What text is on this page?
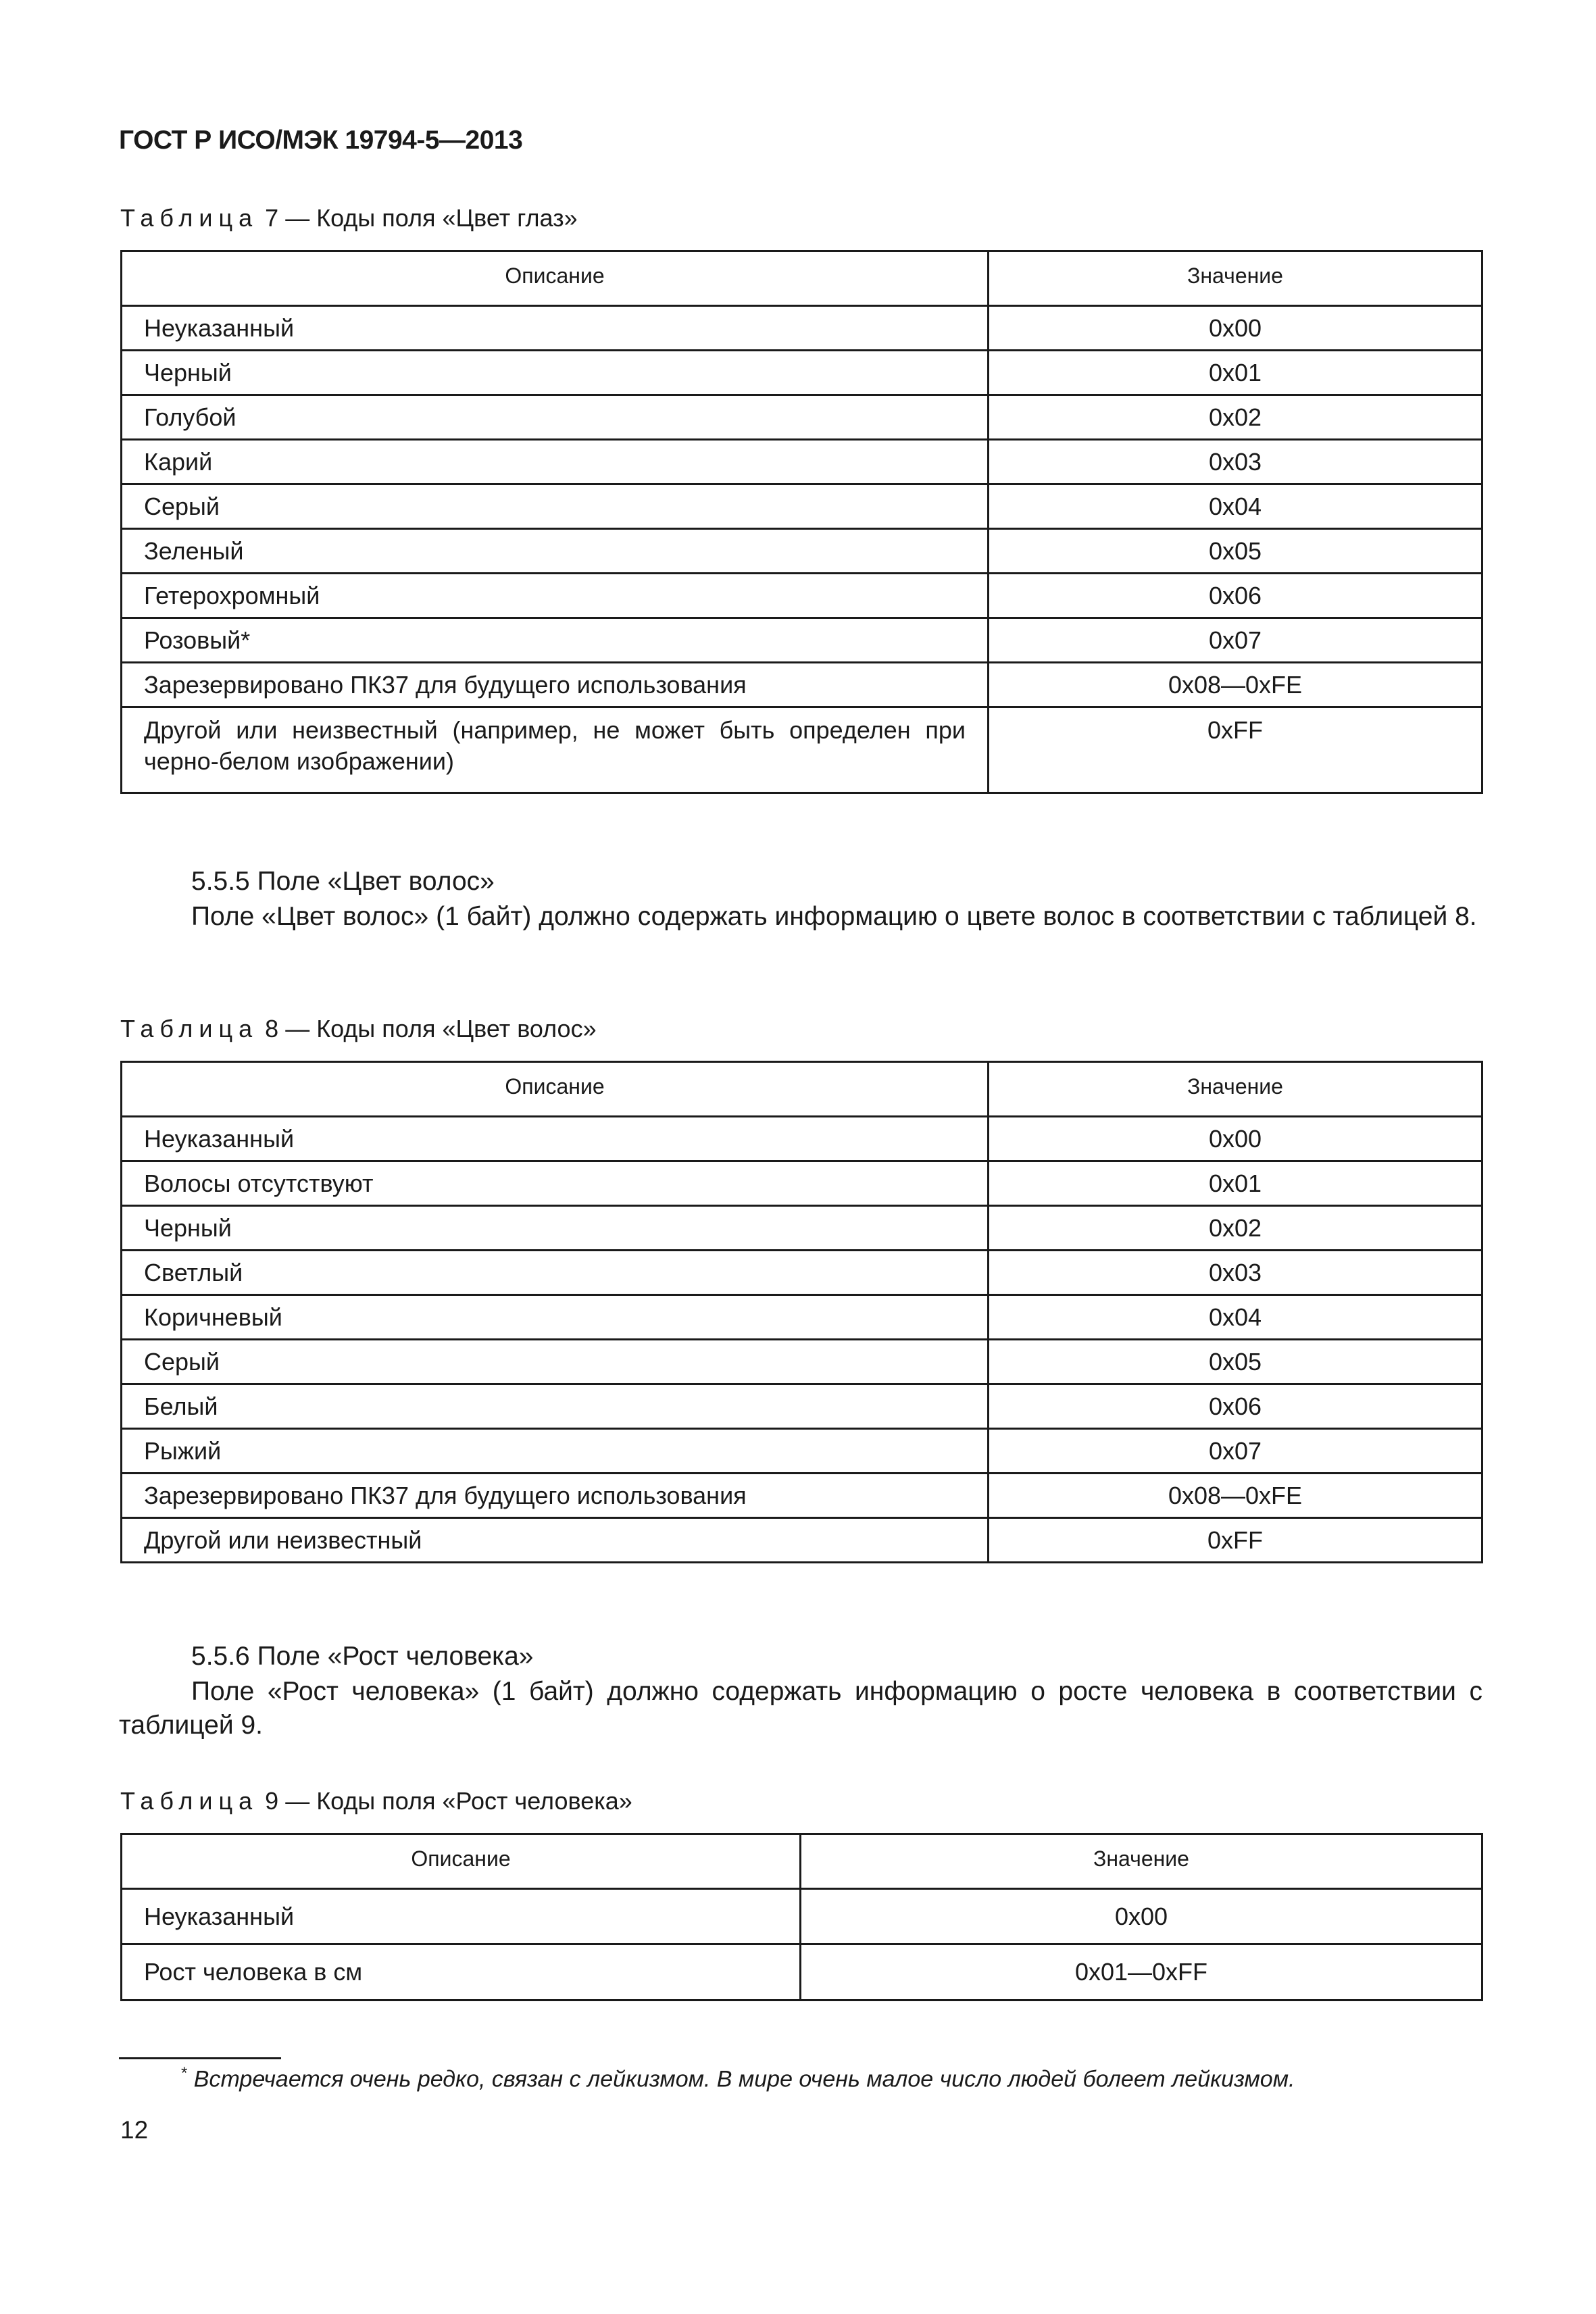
ГОСТ Р ИСО/МЭК 19794-5—2013
Таблица 7 — Коды поля «Цвет глаз»
Описание	Значение

Неуказанный	0x00
Черный	0x01
Голубой	0x02
Карий	0x03
Серый	0x04
Зеленый	0x05
Гетерохромный	0x06
Розовый*	0x07
Зарезервировано ПК37 для будущего использования	0x08—0xFE
Другой или неизвестный (например, не может быть определен при черно-белом изображении)	0xFF
5.5.5 Поле «Цвет волос»
Поле «Цвет волос» (1 байт) должно содержать информацию о цвете волос в соответствии с таблицей 8.
Таблица 8 — Коды поля «Цвет волос»
Описание	Значение

Неуказанный	0x00
Волосы отсутствуют	0x01
Черный	0x02
Светлый	0x03
Коричневый	0x04
Серый	0x05
Белый	0x06
Рыжий	0x07
Зарезервировано ПК37 для будущего использования	0x08—0xFE
Другой или неизвестный	0xFF
5.5.6 Поле «Рост человека»
Поле «Рост человека» (1 байт) должно содержать информацию о росте человека в соответствии с таблицей 9.
Таблица 9 — Коды поля «Рост человека»
Описание	Значение

Неуказанный	0x00
Рост человека в см	0x01—0xFF
* Встречается очень редко, связан с лейкизмом. В мире очень малое число людей болеет лейкизмом.
12
